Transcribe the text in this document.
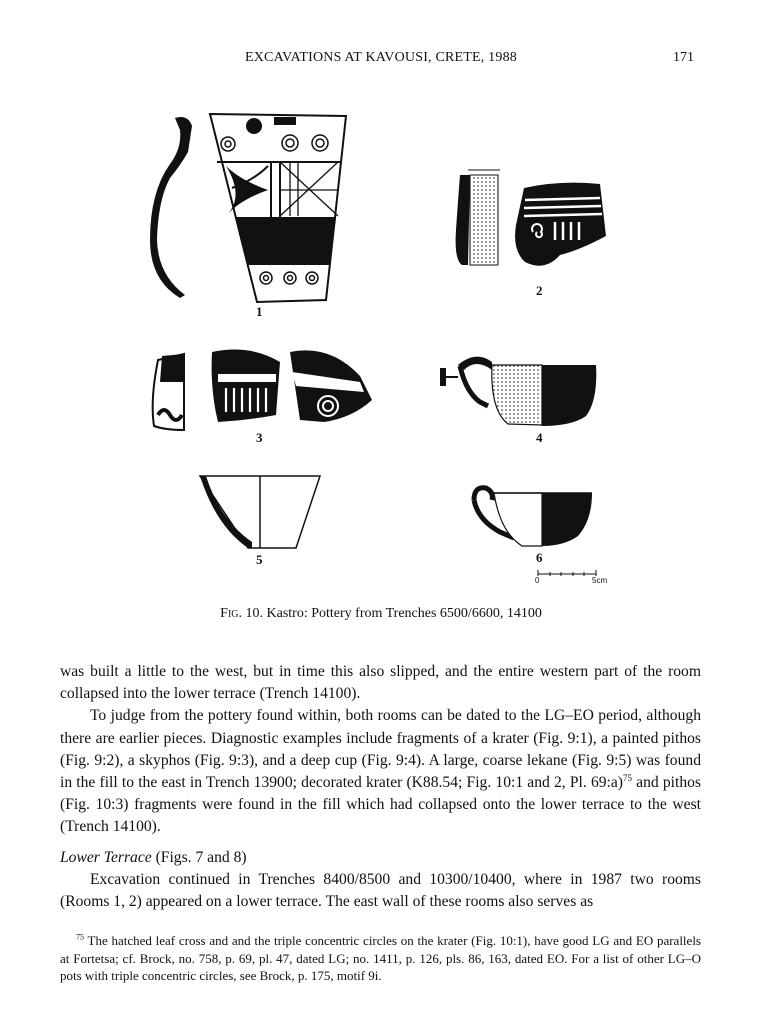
EXCAVATIONS AT KAVOUSI, CRETE, 1988	171
1
2
3	4
5	6
0	5cm
Fig. 10. Kastro: Pottery from Trenches 6500/6600, 14100

was built a little to the west, but in time this also slipped, and the entire western part of the room collapsed into the lower terrace (Trench 14100).

To judge from the pottery found within, both rooms can be dated to the LG–EO period, although there are earlier pieces. Diagnostic examples include fragments of a krater (Fig. 9:1), a painted pithos (Fig. 9:2), a skyphos (Fig. 9:3), and a deep cup (Fig. 9:4). A large, coarse lekane (Fig. 9:5) was found in the fill to the east in Trench 13900; decorated krater (K88.54; Fig. 10:1 and 2, Pl. 69:a)$^{75}$ and pithos (Fig. 10:3) fragments were found in the fill which had collapsed onto the lower terrace to the west (Trench 14100).

Lower Terrace (Figs. 7 and 8)

Excavation continued in Trenches 8400/8500 and 10300/10400, where in 1987 two rooms (Rooms 1, 2) appeared on a lower terrace. The east wall of these rooms also serves as

$^{75}$ The hatched leaf cross and and the triple concentric circles on the krater (Fig. 10:1), have good LG and EO parallels at Fortetsa; cf. Brock, no. 758, p. 69, pl. 47, dated LG; no. 1411, p. 126, pls. 86, 163, dated EO. For a list of other LG–O pots with triple concentric circles, see Brock, p. 175, motif 9i.
